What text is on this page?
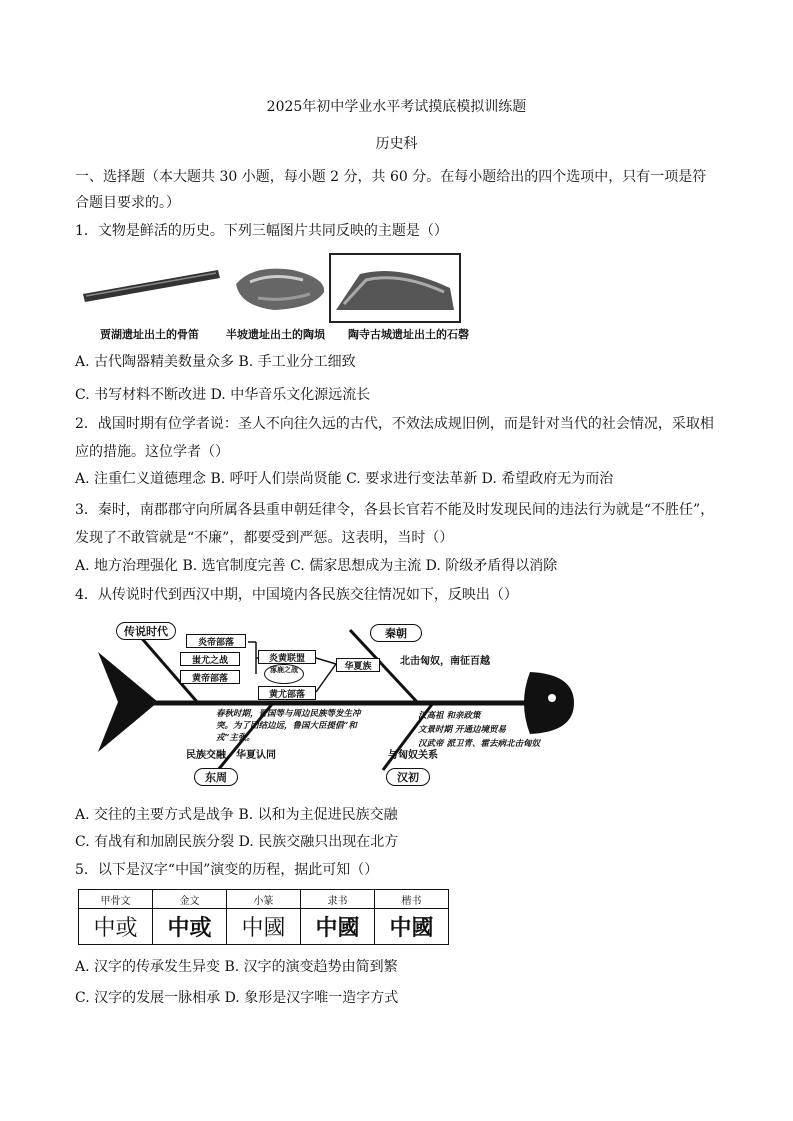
2025年初中学业水平考试摸底模拟训练题
历史科
一、选择题（本大题共 30 小题，每小题 2 分，共 60 分。在每小题给出的四个选项中，只有一项是符
合题目要求的。）
1．文物是鲜活的历史。下列三幅图片共同反映的主题是（）
贾湖遗址出土的骨笛 半坡遗址出土的陶埙 陶寺古城遗址出土的石磬
A. 古代陶器精美数量众多 B. 手工业分工细致
C. 书写材料不断改进 D. 中华音乐文化源远流长
2．战国时期有位学者说：圣人不向往久远的古代，不效法成规旧例，而是针对当代的社会情况，采取相
应的措施。这位学者（）
A. 注重仁义道德理念 B. 呼吁人们崇尚贤能 C. 要求进行变法革新 D. 希望政府无为而治
3．秦时，南郡郡守向所属各县重申朝廷律令，各县长官若不能及时发现民间的违法行为就是“不胜任”，
发现了不敢管就是“不廉”，都要受到严惩。这表明，当时（）
A. 地方治理强化 B. 选官制度完善 C. 儒家思想成为主流 D. 阶级矛盾得以消除
4．从传说时代到西汉中期，中国境内各民族交往情况如下，反映出（）
传说时代
炎帝部落
蚩尤之战
黄帝部落
炎黄联盟
涿鹿之战
黄尤部落
华夏族
秦朝
北击匈奴，南征百越
春秋时期，晋国等与周边民族等发生冲突。为了团结边远，鲁国大臣提倡“和戎”主张。
民族交融，华夏认同
东周
汉高祖 和亲政策
文景时期 开通边境贸易
汉武帝 派卫青、霍去病北击匈奴
与匈奴关系
汉初
A. 交往的主要方式是战争 B. 以和为主促进民族交融
C. 有战有和加剧民族分裂 D. 民族交融只出现在北方
5．以下是汉字“中国”演变的历程，据此可知（）
甲骨文	金文	小篆	隶书	楷书
中或	中或	中國	中國	中國
A. 汉字的传承发生异变 B. 汉字的演变趋势由简到繁
C. 汉字的发展一脉相承 D. 象形是汉字唯一造字方式
